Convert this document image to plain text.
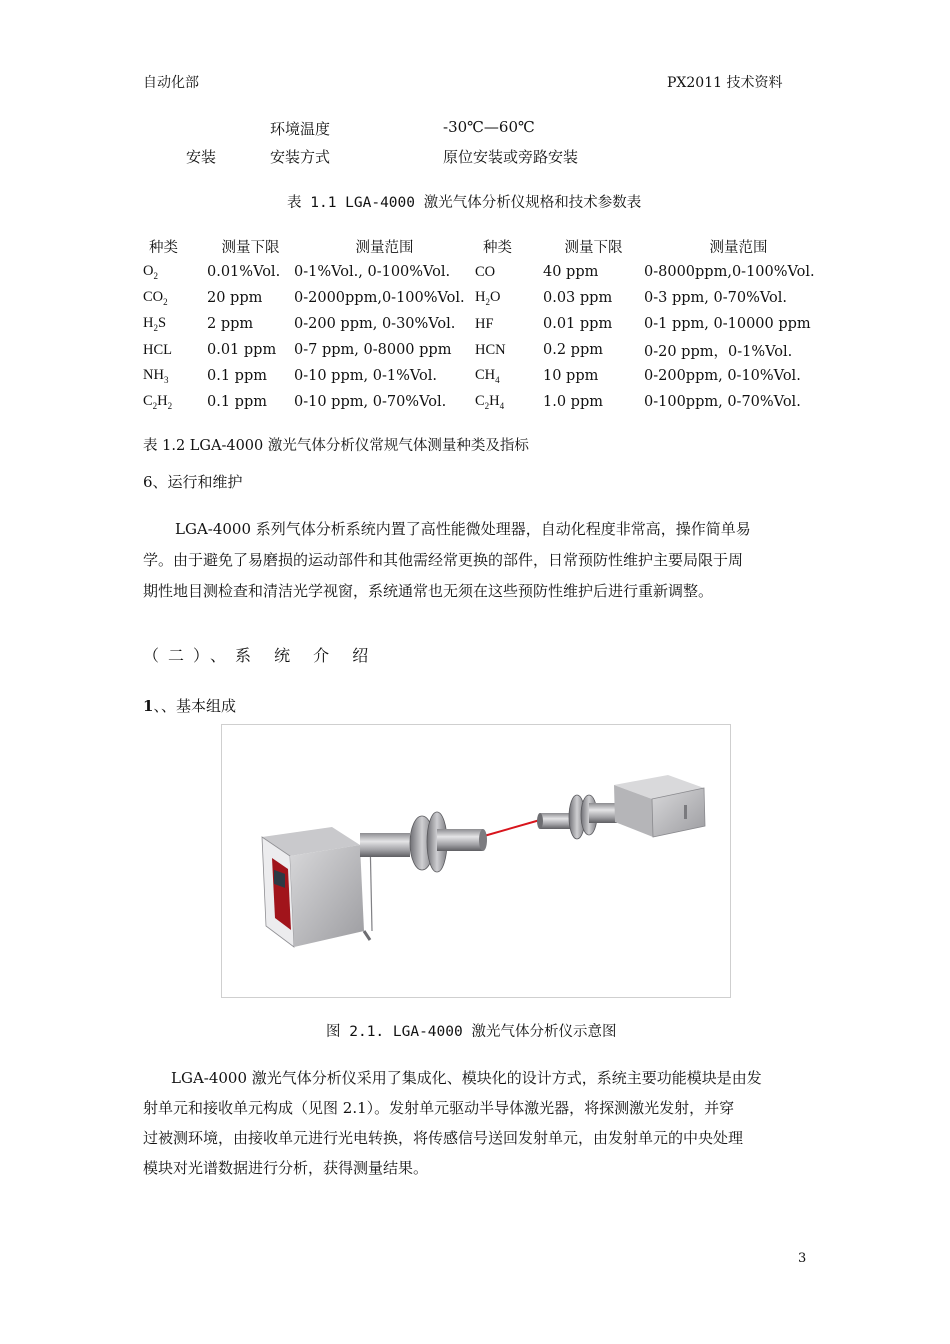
自动化部	PX2011 技术资料
环境温度	-30℃—60℃
安装	安装方式	原位安装或旁路安装
表 1.1 LGA-4000 激光气体分析仪规格和技术参数表
种类	测量下限	测量范围	种类	测量下限	测量范围
$O_2$	0.01%Vol.	0-1%Vol., 0-100%Vol.	CO	40 ppm	0-8000ppm,0-100%Vol.
$CO_2$	20 ppm	0-2000ppm,0-100%Vol.	$H_2O$	0.03 ppm	0-3 ppm, 0-70%Vol.
$H_2S$	2 ppm	0-200 ppm, 0-30%Vol.	HF	0.01 ppm	0-1 ppm, 0-10000 ppm
HCL	0.01 ppm	0-7 ppm, 0-8000 ppm	HCN	0.2 ppm	0-20 ppm，0-1%Vol.
$NH_3$	0.1 ppm	0-10 ppm, 0-1%Vol.	$CH_4$	10 ppm	0-200ppm, 0-10%Vol.
$C_2H_2$	0.1 ppm	0-10 ppm, 0-70%Vol.	$C_2H_4$	1.0 ppm	0-100ppm, 0-70%Vol.
表 1.2 LGA-4000 激光气体分析仪常规气体测量种类及指标
6、运行和维护
LGA-4000 系列气体分析系统内置了高性能微处理器，自动化程度非常高，操作简单易
学。由于避免了易磨损的运动部件和其他需经常更换的部件，日常预防性维护主要局限于周
期性地目测检查和清洁光学视窗，系统通常也无须在这些预防性维护后进行重新调整。
（二）、系 统 介 绍
1、、基本组成
图 2.1. LGA-4000 激光气体分析仪示意图
LGA-4000 激光气体分析仪采用了集成化、模块化的设计方式，系统主要功能模块是由发
射单元和接收单元构成（见图 2.1）。发射单元驱动半导体激光器，将探测激光发射，并穿
过被测环境，由接收单元进行光电转换，将传感信号送回发射单元，由发射单元的中央处理
模块对光谱数据进行分析，获得测量结果。
3
